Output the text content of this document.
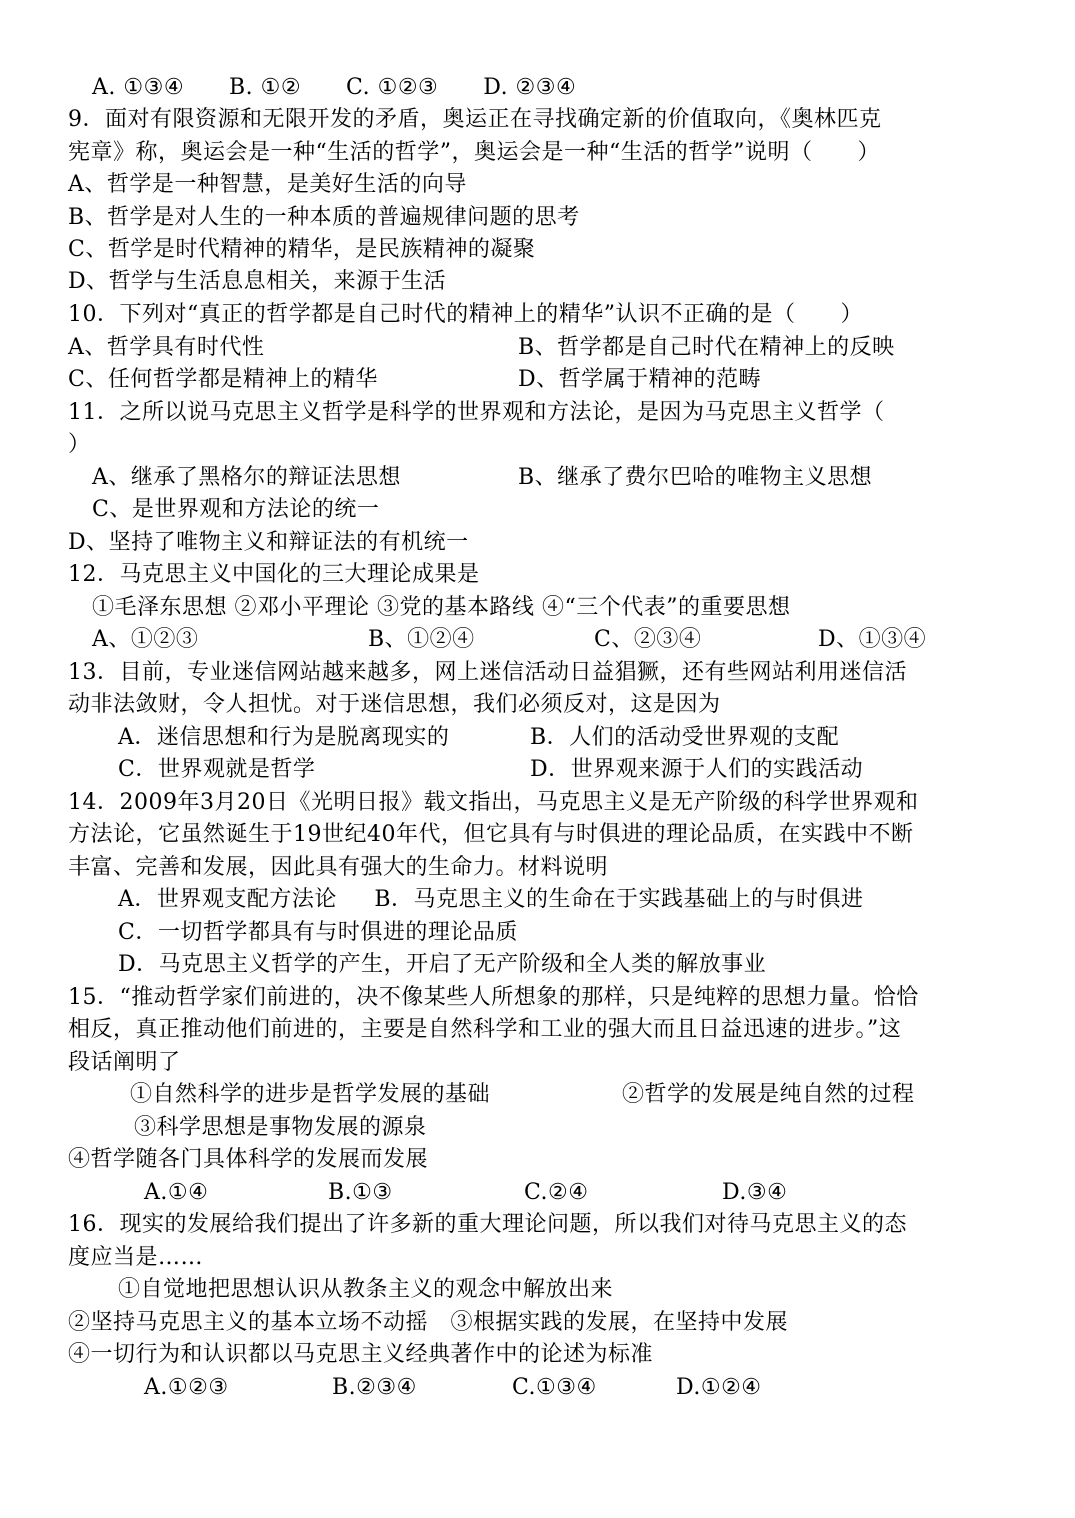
A. ①③④      B. ①②      C. ①②③      D. ②③④
9．面对有限资源和无限开发的矛盾，奥运正在寻找确定新的价值取向，《奥林匹克
宪章》称，奥运会是一种“生活的哲学”，奥运会是一种“生活的哲学”说明（      ）
A、哲学是一种智慧，是美好生活的向导
B、哲学是对人生的一种本质的普遍规律问题的思考
C、哲学是时代精神的精华，是民族精神的凝聚
D、哲学与生活息息相关，来源于生活
10．下列对“真正的哲学都是自己时代的精神上的精华”认识不正确的是（      ）
A、哲学具有时代性	B、哲学都是自己时代在精神上的反映
C、任何哲学都是精神上的精华	D、哲学属于精神的范畴
11．之所以说马克思主义哲学是科学的世界观和方法论，是因为马克思主义哲学（
）
A、继承了黑格尔的辩证法思想	B、继承了费尔巴哈的唯物主义思想
C、是世界观和方法论的统一
D、坚持了唯物主义和辩证法的有机统一
12．马克思主义中国化的三大理论成果是
①毛泽东思想 ②邓小平理论 ③党的基本路线 ④“三个代表”的重要思想
A、①②③	B、①②④	C、②③④	D、①③④
13．目前，专业迷信网站越来越多，网上迷信活动日益猖獗，还有些网站利用迷信活
动非法敛财，令人担忧。对于迷信思想，我们必须反对，这是因为
A．迷信思想和行为是脱离现实的	B．人们的活动受世界观的支配
C．世界观就是哲学	D．世界观来源于人们的实践活动
14．2009年3月20日《光明日报》载文指出，马克思主义是无产阶级的科学世界观和
方法论，它虽然诞生于19世纪40年代，但它具有与时俱进的理论品质，在实践中不断
丰富、完善和发展，因此具有强大的生命力。材料说明
A．世界观支配方法论     B．马克思主义的生命在于实践基础上的与时俱进
C．一切哲学都具有与时俱进的理论品质
D．马克思主义哲学的产生，开启了无产阶级和全人类的解放事业
15．“推动哲学家们前进的，决不像某些人所想象的那样，只是纯粹的思想力量。恰恰
相反，真正推动他们前进的，主要是自然科学和工业的强大而且日益迅速的进步。”这
段话阐明了
①自然科学的进步是哲学发展的基础	②哲学的发展是纯自然的过程
③科学思想是事物发展的源泉
④哲学随各门具体科学的发展而发展
A.①④	B.①③	C.②④	D.③④
16．现实的发展给我们提出了许多新的重大理论问题，所以我们对待马克思主义的态
度应当是……
①自觉地把思想认识从教条主义的观念中解放出来
②坚持马克思主义的基本立场不动摇   ③根据实践的发展，在坚持中发展
④一切行为和认识都以马克思主义经典著作中的论述为标准
A.①②③	B.②③④	C.①③④	D.①②④
